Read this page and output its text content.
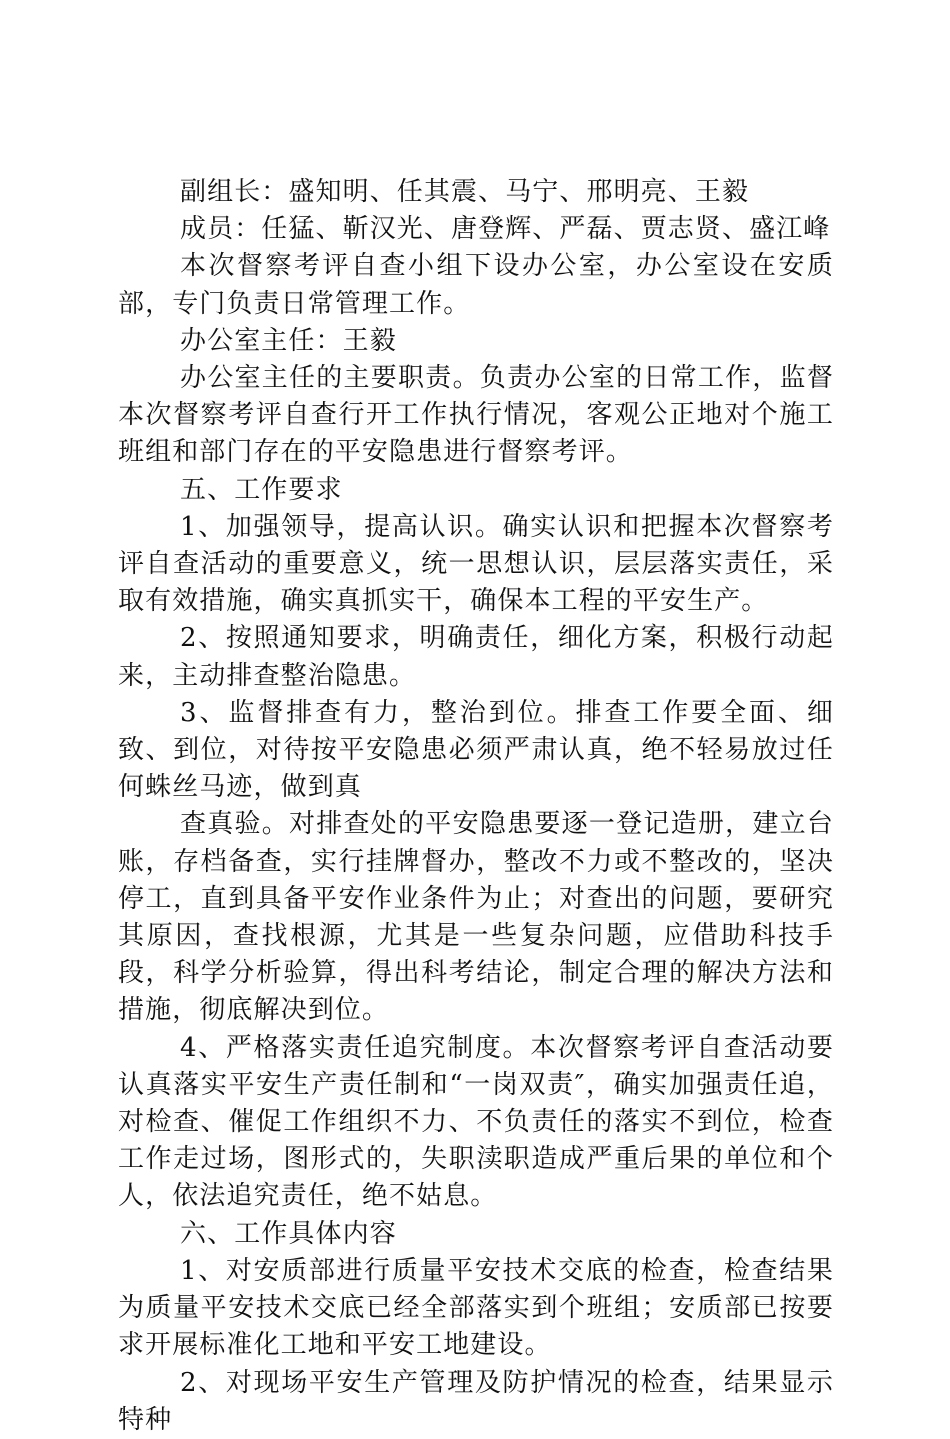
副组长：盛知明、任其震、马宁、邢明亮、王毅

成员：任猛、靳汉光、唐登辉、严磊、贾志贤、盛江峰

本次督察考评自查小组下设办公室，办公室设在安质部，专门负责日常管理工作。

办公室主任：王毅

办公室主任的主要职责。负责办公室的日常工作，监督本次督察考评自查行开工作执行情况，客观公正地对个施工班组和部门存在的平安隐患进行督察考评。

五、工作要求

1、加强领导，提高认识。确实认识和把握本次督察考评自查活动的重要意义，统一思想认识，层层落实责任，采取有效措施，确实真抓实干，确保本工程的平安生产。

2、按照通知要求，明确责任，细化方案，积极行动起来，主动排查整治隐患。

3、监督排查有力，整治到位。排查工作要全面、细致、到位，对待按平安隐患必须严肃认真，绝不轻易放过任何蛛丝马迹，做到真

查真验。对排查处的平安隐患要逐一登记造册，建立台账，存档备查，实行挂牌督办，整改不力或不整改的，坚决停工，直到具备平安作业条件为止；对查出的问题，要研究其原因，查找根源，尤其是一些复杂问题，应借助科技手段，科学分析验算，得出科考结论，制定合理的解决方法和措施，彻底解决到位。

4、严格落实责任追究制度。本次督察考评自查活动要认真落实平安生产责任制和“一岗双责″，确实加强责任追，对检查、催促工作组织不力、不负责任的落实不到位，检查工作走过场，图形式的，失职渎职造成严重后果的单位和个人，依法追究责任，绝不姑息。

六、工作具体内容

1、对安质部进行质量平安技术交底的检查，检查结果为质量平安技术交底已经全部落实到个班组；安质部已按要求开展标准化工地和平安工地建设。

2、对现场平安生产管理及防护情况的检查，结果显示特种
